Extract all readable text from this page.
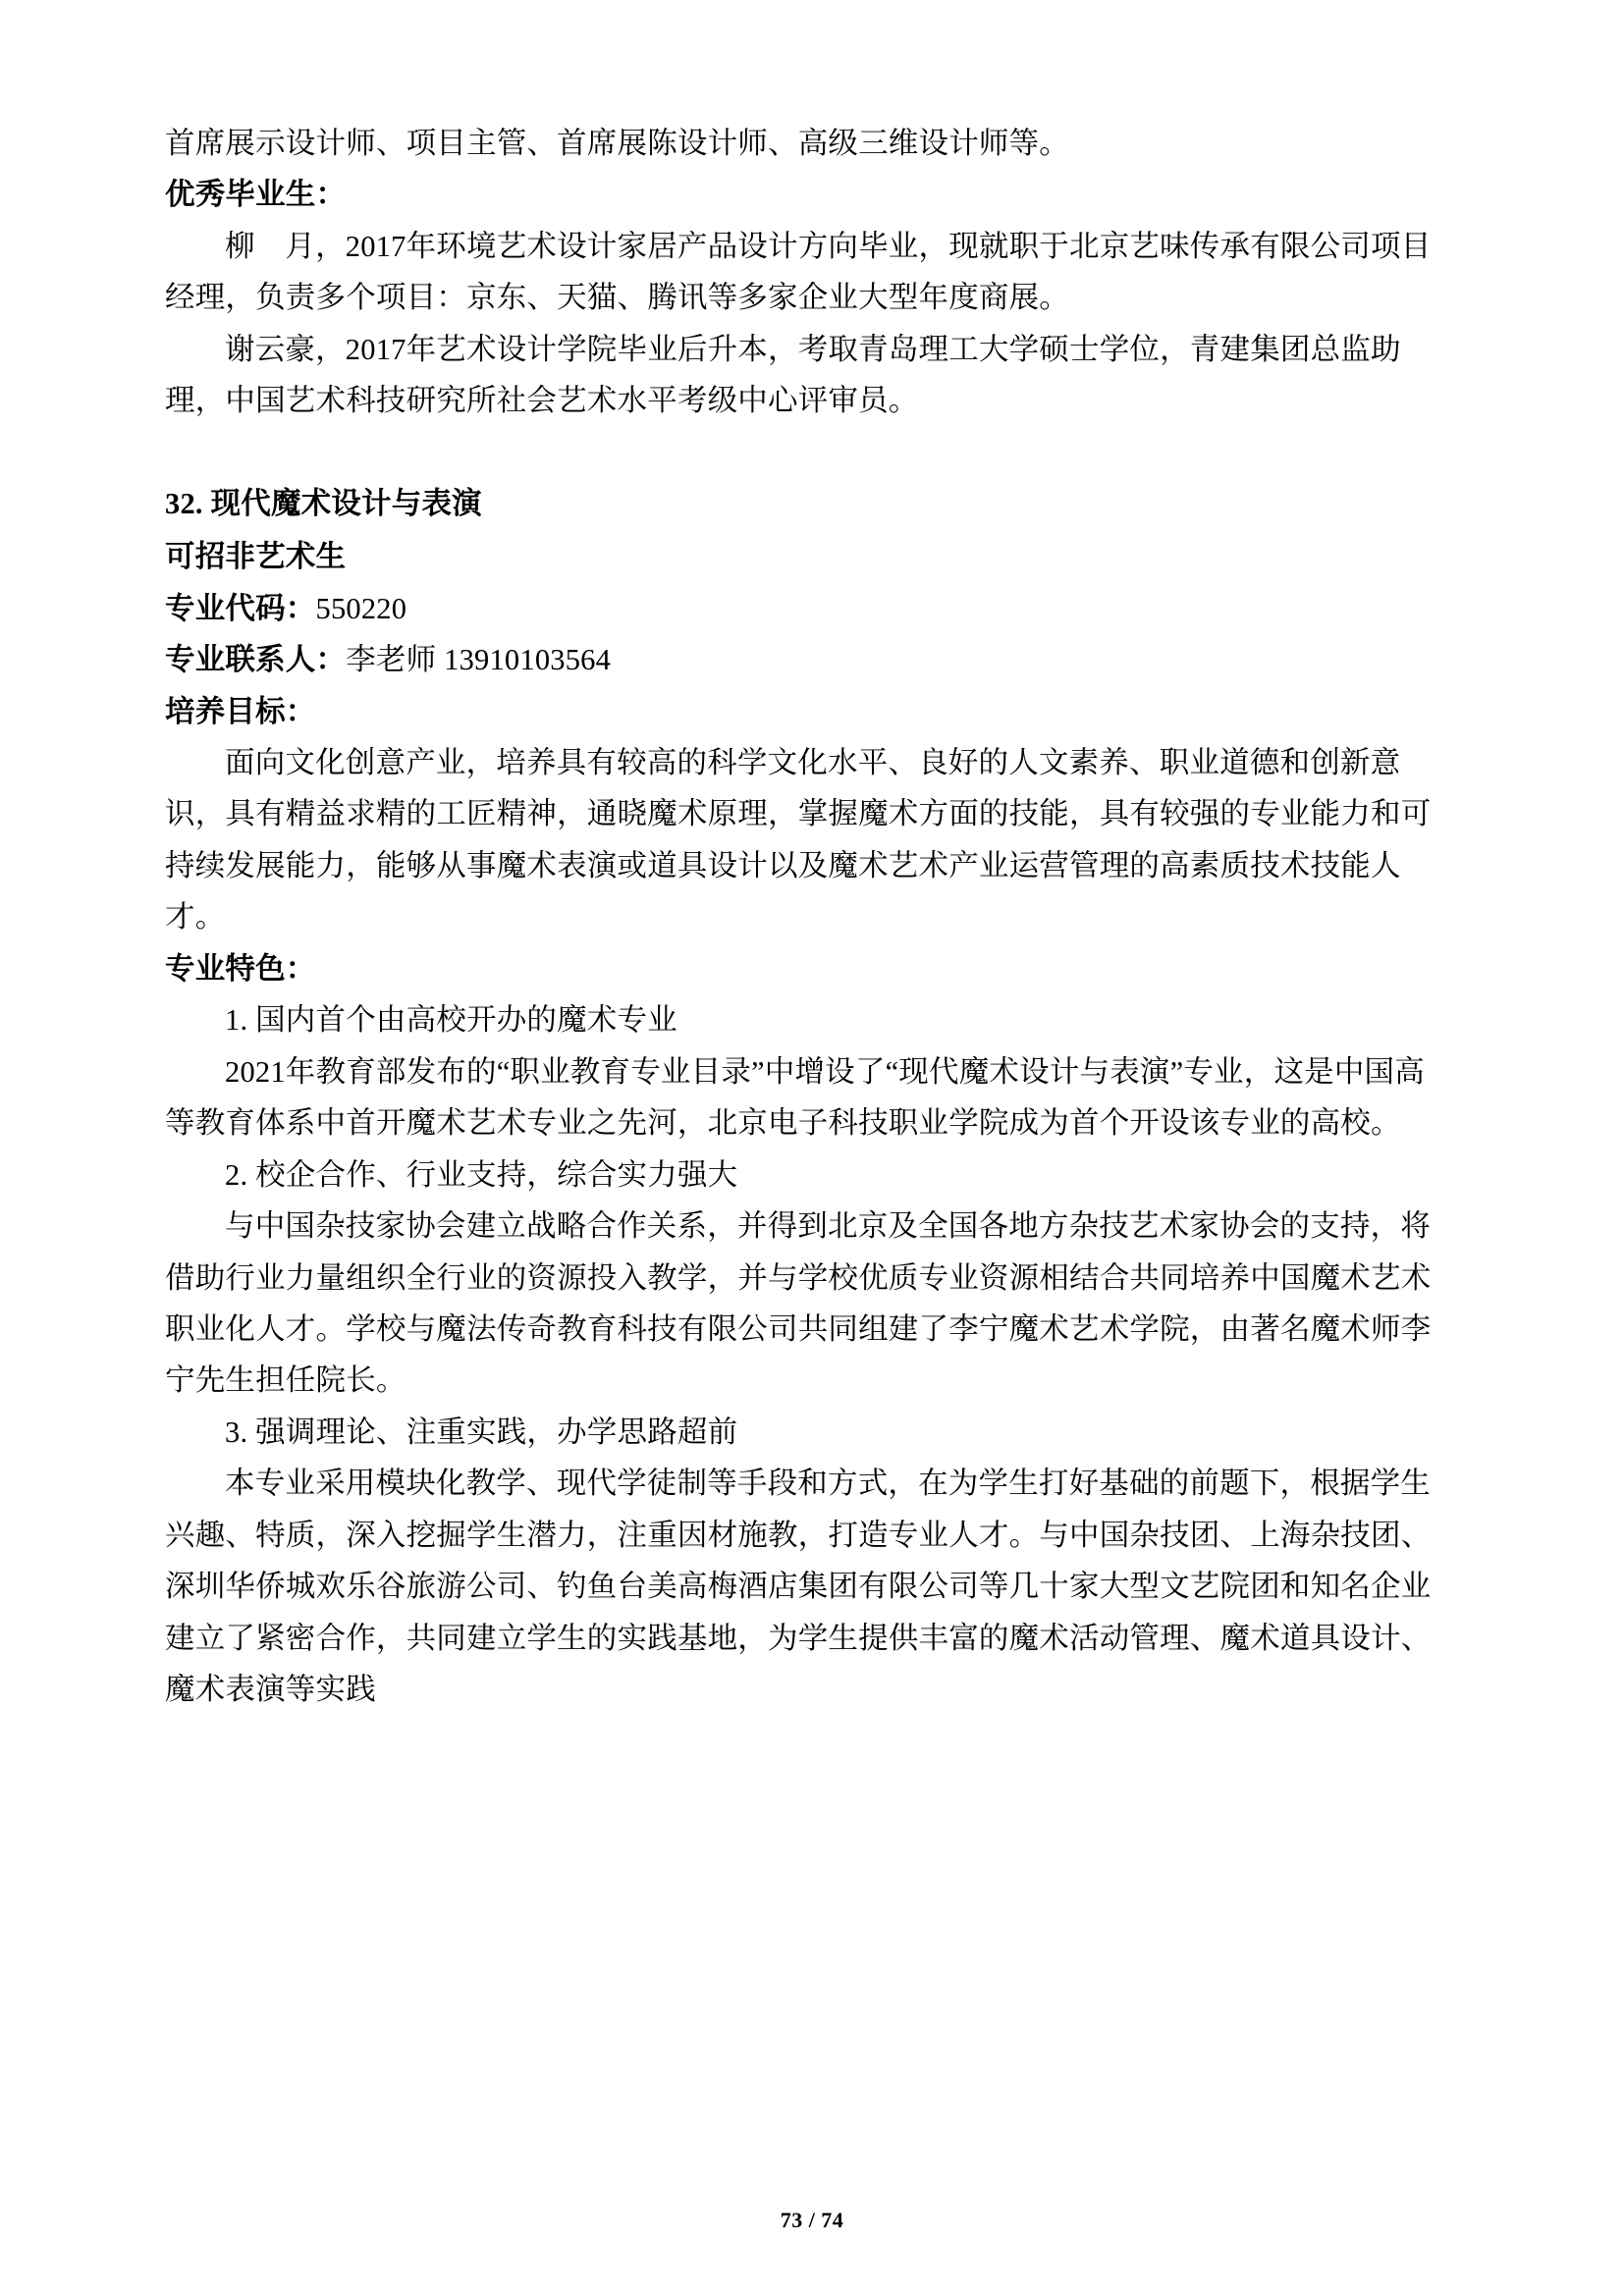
首席展示设计师、项目主管、首席展陈设计师、高级三维设计师等。

优秀毕业生：

柳　月，2017年环境艺术设计家居产品设计方向毕业，现就职于北京艺味传承有限公司项目经理，负责多个项目：京东、天猫、腾讯等多家企业大型年度商展。

谢云豪，2017年艺术设计学院毕业后升本，考取青岛理工大学硕士学位，青建集团总监助理，中国艺术科技研究所社会艺术水平考级中心评审员。

32. 现代魔术设计与表演

可招非艺术生

专业代码：550220

专业联系人：李老师 13910103564

培养目标：

面向文化创意产业，培养具有较高的科学文化水平、良好的人文素养、职业道德和创新意识，具有精益求精的工匠精神，通晓魔术原理，掌握魔术方面的技能，具有较强的专业能力和可持续发展能力，能够从事魔术表演或道具设计以及魔术艺术产业运营管理的高素质技术技能人才。

专业特色：

1. 国内首个由高校开办的魔术专业

2021年教育部发布的“职业教育专业目录”中增设了“现代魔术设计与表演”专业，这是中国高等教育体系中首开魔术艺术专业之先河，北京电子科技职业学院成为首个开设该专业的高校。

2. 校企合作、行业支持，综合实力强大

与中国杂技家协会建立战略合作关系，并得到北京及全国各地方杂技艺术家协会的支持，将借助行业力量组织全行业的资源投入教学，并与学校优质专业资源相结合共同培养中国魔术艺术职业化人才。学校与魔法传奇教育科技有限公司共同组建了李宁魔术艺术学院，由著名魔术师李宁先生担任院长。

3. 强调理论、注重实践，办学思路超前

本专业采用模块化教学、现代学徒制等手段和方式，在为学生打好基础的前题下，根据学生兴趣、特质，深入挖掘学生潜力，注重因材施教，打造专业人才。与中国杂技团、上海杂技团、深圳华侨城欢乐谷旅游公司、钓鱼台美高梅酒店集团有限公司等几十家大型文艺院团和知名企业建立了紧密合作，共同建立学生的实践基地，为学生提供丰富的魔术活动管理、魔术道具设计、魔术表演等实践

73 / 74
